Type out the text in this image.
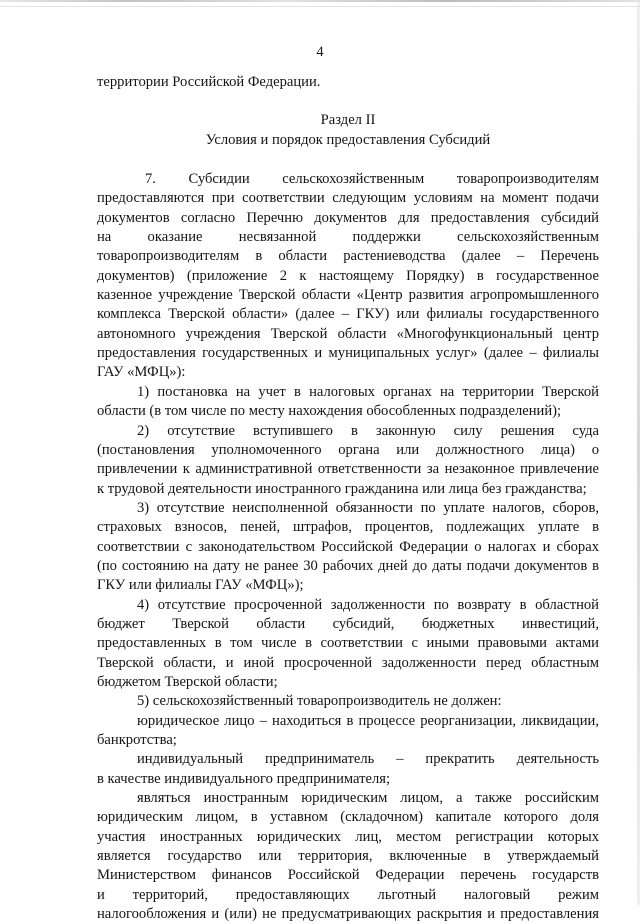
4
территории Российской Федерации.
Раздел II
Условия и порядок предоставления Субсидий
7. Субсидии сельскохозяйственным товаропроизводителям
предоставляются при соответствии следующим условиям на момент подачи
документов согласно Перечню документов для предоставления субсидий
на оказание несвязанной поддержки сельскохозяйственным
товаропроизводителям в области растениеводства (далее – Перечень
документов) (приложение 2 к настоящему Порядку) в государственное
казенное учреждение Тверской области «Центр развития агропромышленного
комплекса Тверской области» (далее – ГКУ) или филиалы государственного
автономного учреждения Тверской области «Многофункциональный центр
предоставления государственных и муниципальных услуг» (далее – филиалы
ГАУ «МФЦ»):
1) постановка на учет в налоговых органах на территории Тверской
области (в том числе по месту нахождения обособленных подразделений);
2) отсутствие вступившего в законную силу решения суда
(постановления уполномоченного органа или должностного лица) о
привлечении к административной ответственности за незаконное привлечение
к трудовой деятельности иностранного гражданина или лица без гражданства;
3) отсутствие неисполненной обязанности по уплате налогов, сборов,
страховых взносов, пеней, штрафов, процентов, подлежащих уплате в
соответствии с законодательством Российской Федерации о налогах и сборах
(по состоянию на дату не ранее 30 рабочих дней до даты подачи документов в
ГКУ или филиалы ГАУ «МФЦ»);
4) отсутствие просроченной задолженности по возврату в областной
бюджет Тверской области субсидий, бюджетных инвестиций,
предоставленных в том числе в соответствии с иными правовыми актами
Тверской области, и иной просроченной задолженности перед областным
бюджетом Тверской области;
5) сельскохозяйственный товаропроизводитель не должен:
юридическое лицо – находиться в процессе реорганизации, ликвидации,
банкротства;
индивидуальный предприниматель – прекратить деятельность
в качестве индивидуального предпринимателя;
являться иностранным юридическим лицом, а также российским
юридическим лицом, в уставном (складочном) капитале которого доля
участия иностранных юридических лиц, местом регистрации которых
является государство или территория, включенные в утверждаемый
Министерством финансов Российской Федерации перечень государств
и территорий, предоставляющих льготный налоговый режим
налогообложения и (или) не предусматривающих раскрытия и предоставления
